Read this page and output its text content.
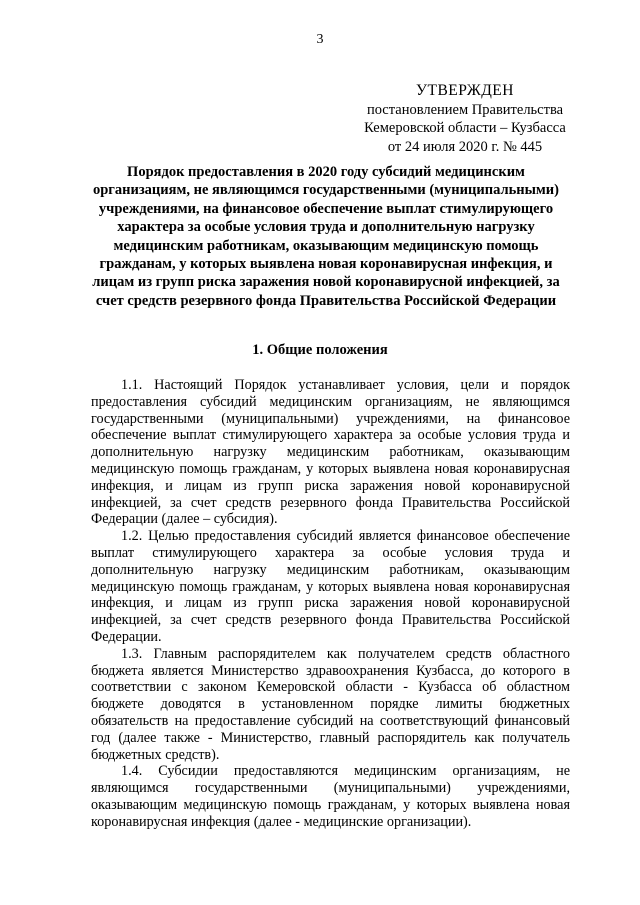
3
УТВЕРЖДЕН
постановлением Правительства
Кемеровской области – Кузбасса
от 24 июля 2020 г. № 445
Порядок предоставления в 2020 году субсидий медицинским организациям, не являющимся государственными (муниципальными) учреждениями, на финансовое обеспечение выплат стимулирующего характера за особые условия труда и дополнительную нагрузку медицинским работникам, оказывающим медицинскую помощь гражданам, у которых выявлена новая коронавирусная инфекция, и лицам из групп риска заражения новой коронавирусной инфекцией, за счет средств резервного фонда Правительства Российской Федерации
1. Общие положения

1.1. Настоящий Порядок устанавливает условия, цели и порядок предоставления субсидий медицинским организациям, не являющимся государственными (муниципальными) учреждениями, на финансовое обеспечение выплат стимулирующего характера за особые условия труда и дополнительную нагрузку медицинским работникам, оказывающим медицинскую помощь гражданам, у которых выявлена новая коронавирусная инфекция, и лицам из групп риска заражения новой коронавирусной инфекцией, за счет средств резервного фонда Правительства Российской Федерации (далее – субсидия).

1.2. Целью предоставления субсидий является финансовое обеспечение выплат стимулирующего характера за особые условия труда и дополнительную нагрузку медицинским работникам, оказывающим медицинскую помощь гражданам, у которых выявлена новая коронавирусная инфекция, и лицам из групп риска заражения новой коронавирусной инфекцией, за счет средств резервного фонда Правительства Российской Федерации.

1.3. Главным распорядителем как получателем средств областного бюджета является Министерство здравоохранения Кузбасса, до которого в соответствии с законом Кемеровской области - Кузбасса об областном бюджете доводятся в установленном порядке лимиты бюджетных обязательств на предоставление субсидий на соответствующий финансовый год (далее также - Министерство, главный распорядитель как получатель бюджетных средств).

1.4. Субсидии предоставляются медицинским организациям, не являющимся государственными (муниципальными) учреждениями, оказывающим медицинскую помощь гражданам, у которых выявлена новая коронавирусная инфекция (далее - медицинские организации).
